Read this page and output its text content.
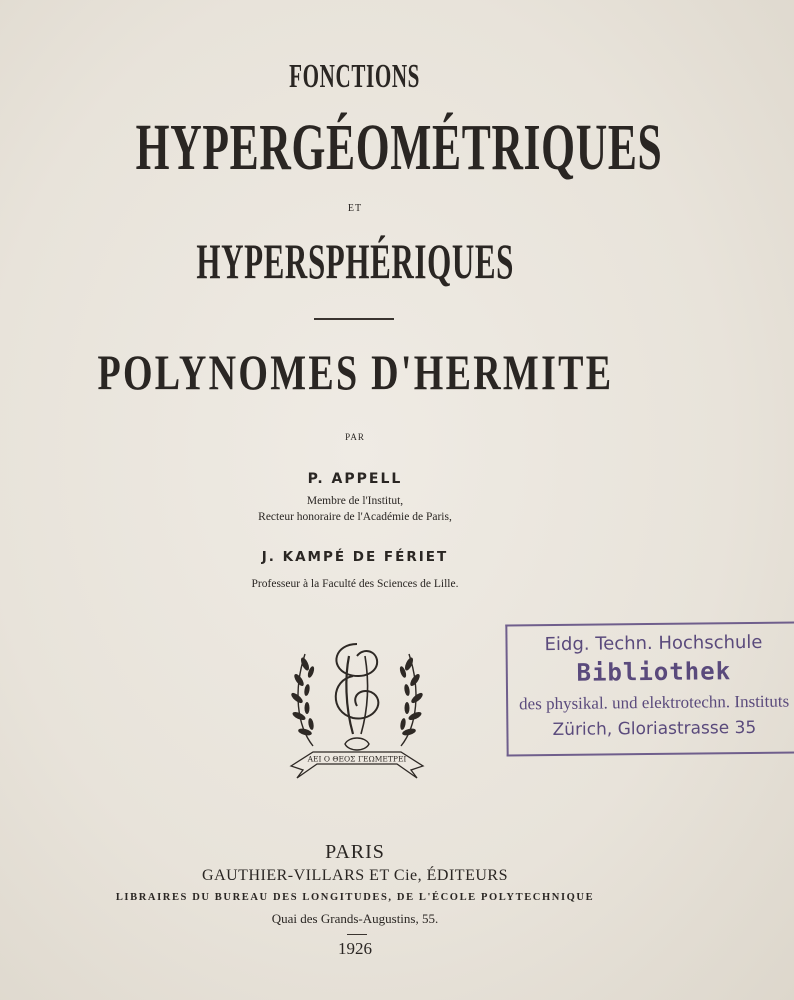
FONCTIONS
HYPERGÉOMÉTRIQUES
ET
HYPERSPHÉRIQUES
POLYNOMES D'HERMITE
PAR
P. APPELL
Membre de l'Institut,
Recteur honoraire de l'Académie de Paris,
J. KAMPÉ DE FÉRIET
Professeur à la Faculté des Sciences de Lille.
ΑΕΙ Ο ΘΕΟΣ ΓΕΩΜΕΤΡΕΙ
Eidg. Techn. Hochschule
Bibliothek
des physikal. und elektrotechn. Instituts
Zürich, Gloriastrasse 35
PARIS
GAUTHIER-VILLARS ET Cie, ÉDITEURS
LIBRAIRES DU BUREAU DES LONGITUDES, DE L'ÉCOLE POLYTECHNIQUE
Quai des Grands-Augustins, 55.
1926
